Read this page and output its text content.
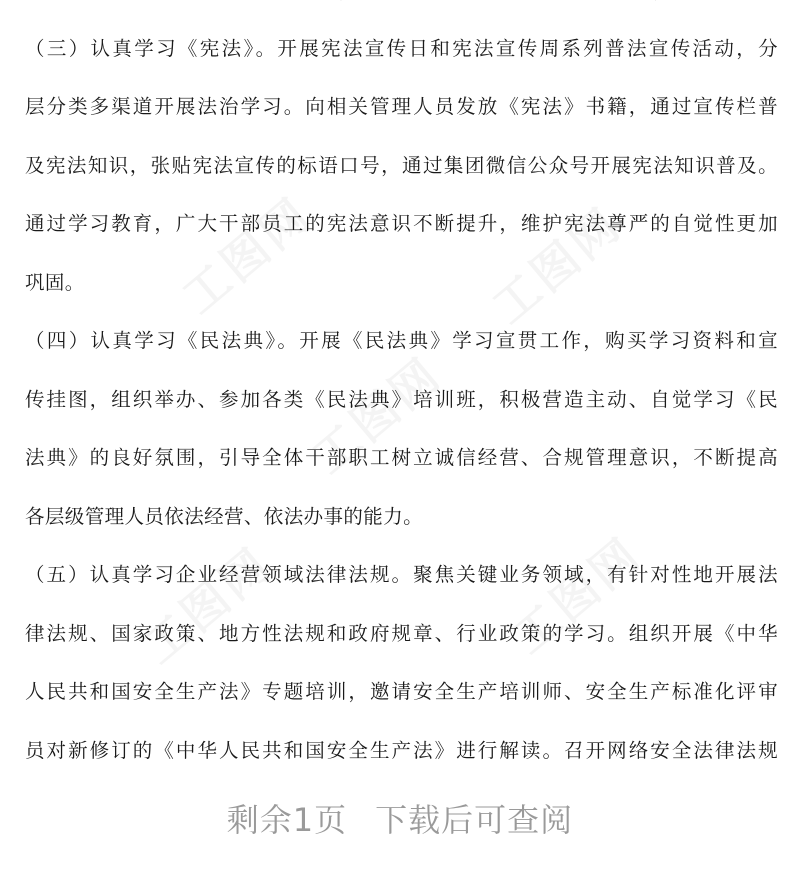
（三）认真学习《宪法》。开展宪法宣传日和宪法宣传周系列普法宣传活动，分
层分类多渠道开展法治学习。向相关管理人员发放《宪法》书籍，通过宣传栏普
及宪法知识，张贴宪法宣传的标语口号，通过集团微信公众号开展宪法知识普及。
通过学习教育，广大干部员工的宪法意识不断提升，维护宪法尊严的自觉性更加
巩固。
（四）认真学习《民法典》。开展《民法典》学习宣贯工作，购买学习资料和宣
传挂图，组织举办、参加各类《民法典》培训班，积极营造主动、自觉学习《民
法典》的良好氛围，引导全体干部职工树立诚信经营、合规管理意识，不断提高
各层级管理人员依法经营、依法办事的能力。
（五）认真学习企业经营领域法律法规。聚焦关键业务领域，有针对性地开展法
律法规、国家政策、地方性法规和政府规章、行业政策的学习。组织开展《中华
人民共和国安全生产法》专题培训，邀请安全生产培训师、安全生产标准化评审
员对新修订的《中华人民共和国安全生产法》进行解读。召开网络安全法律法规
剩余1页 下载后可查阅
